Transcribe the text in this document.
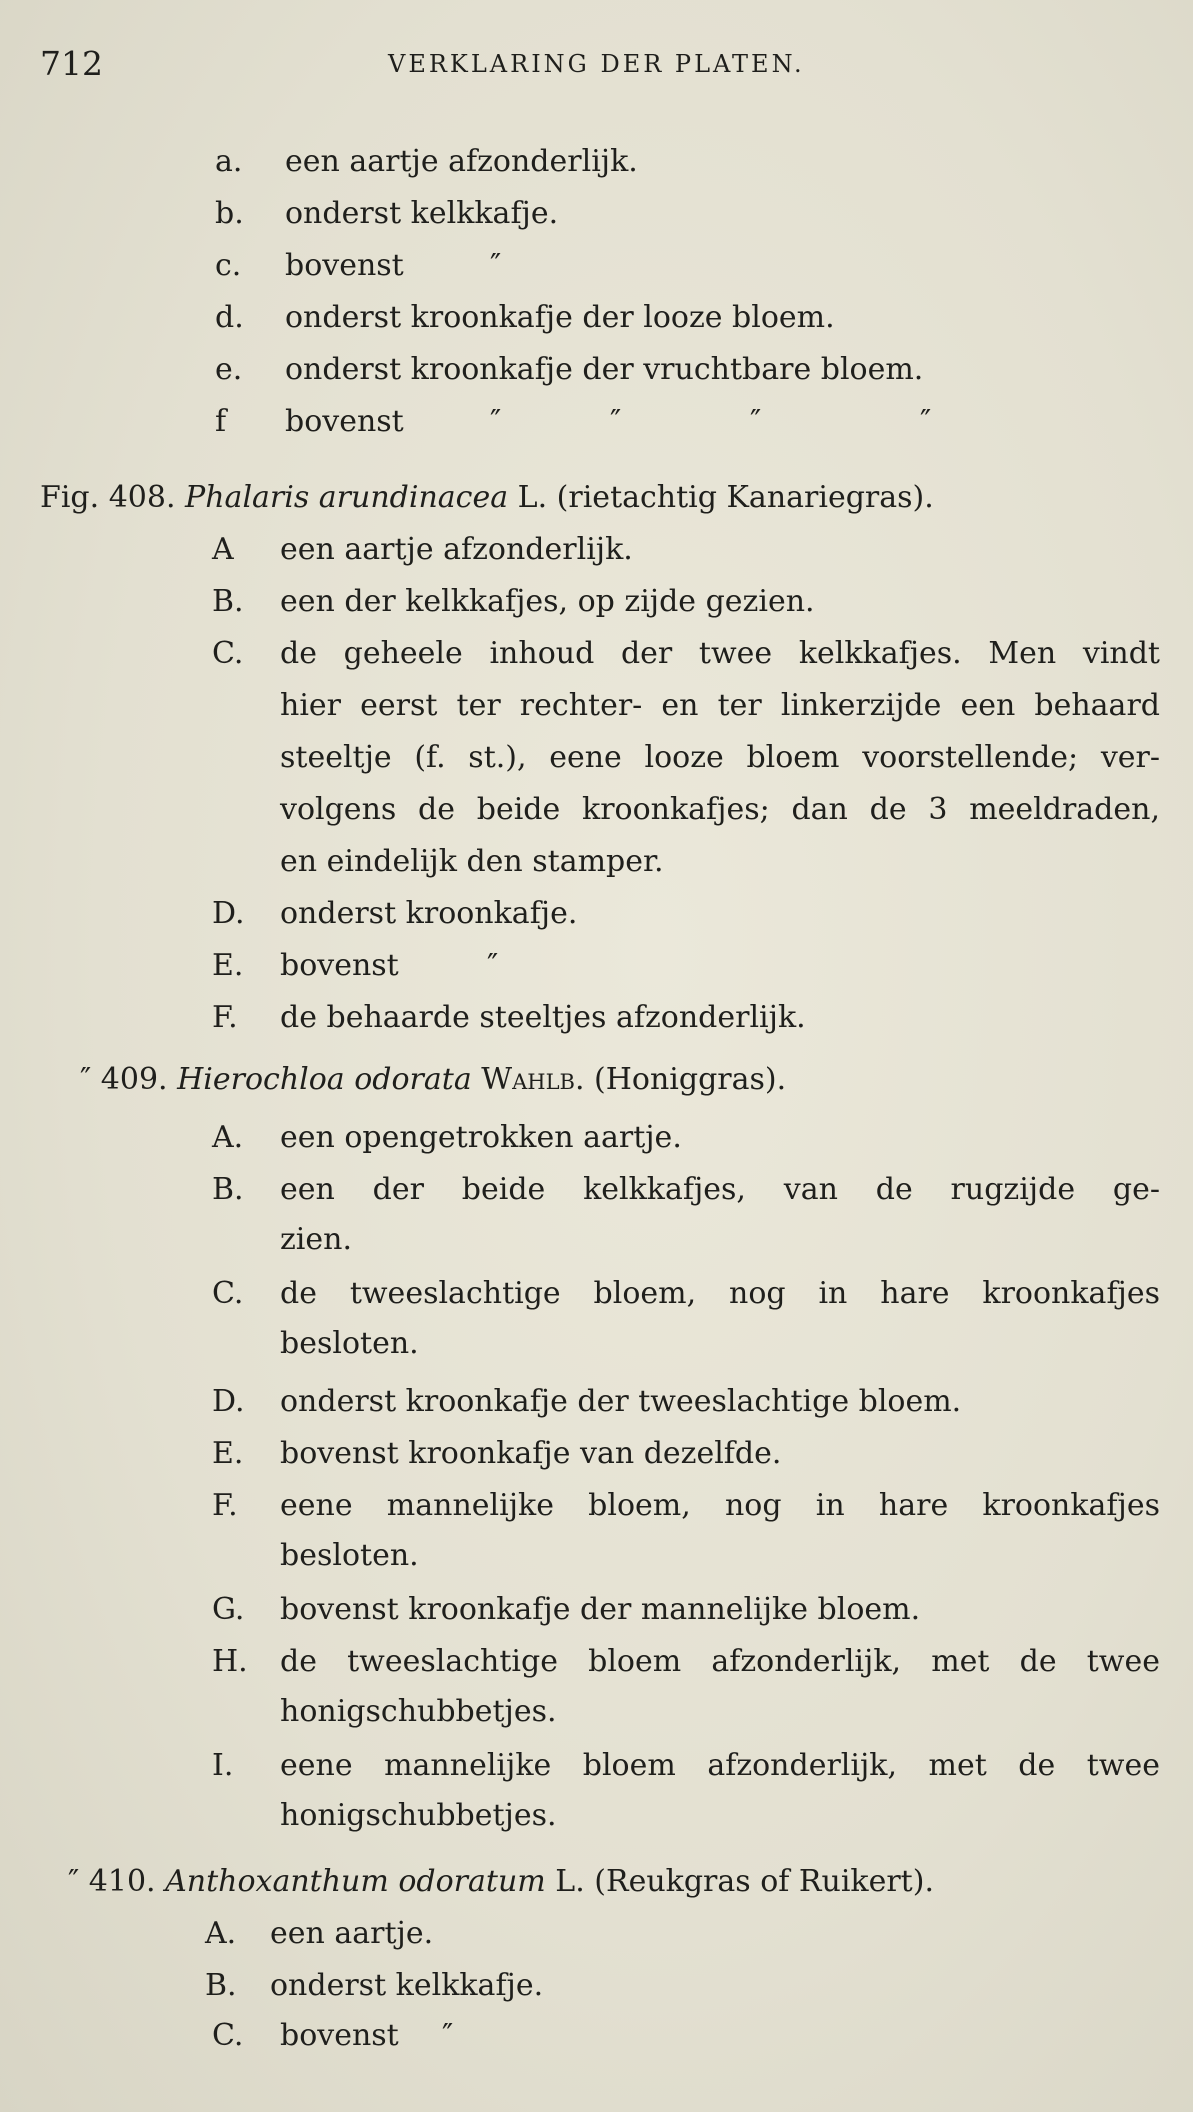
712	VERKLARING DER PLATEN.
a. een aartje afzonderlijk.
b. onderst kelkkafje.
c. bovenst	″
d. onderst kroonkafje der looze bloem.
e. onderst kroonkafje der vruchtbare bloem.
f bovenst	″	″	″	″
Fig. 408. Phalaris arundinacea L. (rietachtig Kanariegras).
A een aartje afzonderlijk.
B. een der kelkkafjes, op zijde gezien.
C. de geheele inhoud der twee kelkkafjes. Men vindt
hier eerst ter rechter- en ter linkerzijde een behaard
steeltje (f. st.), eene looze bloem voorstellende; ver-
volgens de beide kroonkafjes; dan de 3 meeldraden,
en eindelijk den stamper.
D. onderst kroonkafje.
E. bovenst	″
F. de behaarde steeltjes afzonderlijk.
″ 409. Hierochloa odorata Wahlb. (Honiggras).
A. een opengetrokken aartje.
B. een der beide kelkkafjes, van de rugzijde ge-
zien.
C. de tweeslachtige bloem, nog in hare kroonkafjes
besloten.
D. onderst kroonkafje der tweeslachtige bloem.
E. bovenst kroonkafje van dezelfde.
F. eene mannelijke bloem, nog in hare kroonkafjes
besloten.
G. bovenst kroonkafje der mannelijke bloem.
H. de tweeslachtige bloem afzonderlijk, met de twee
honigschubbetjes.
I. eene mannelijke bloem afzonderlijk, met de twee
honigschubbetjes.
″ 410. Anthoxanthum odoratum L. (Reukgras of Ruikert).
A. een aartje.
B. onderst kelkkafje.
C. bovenst ″
